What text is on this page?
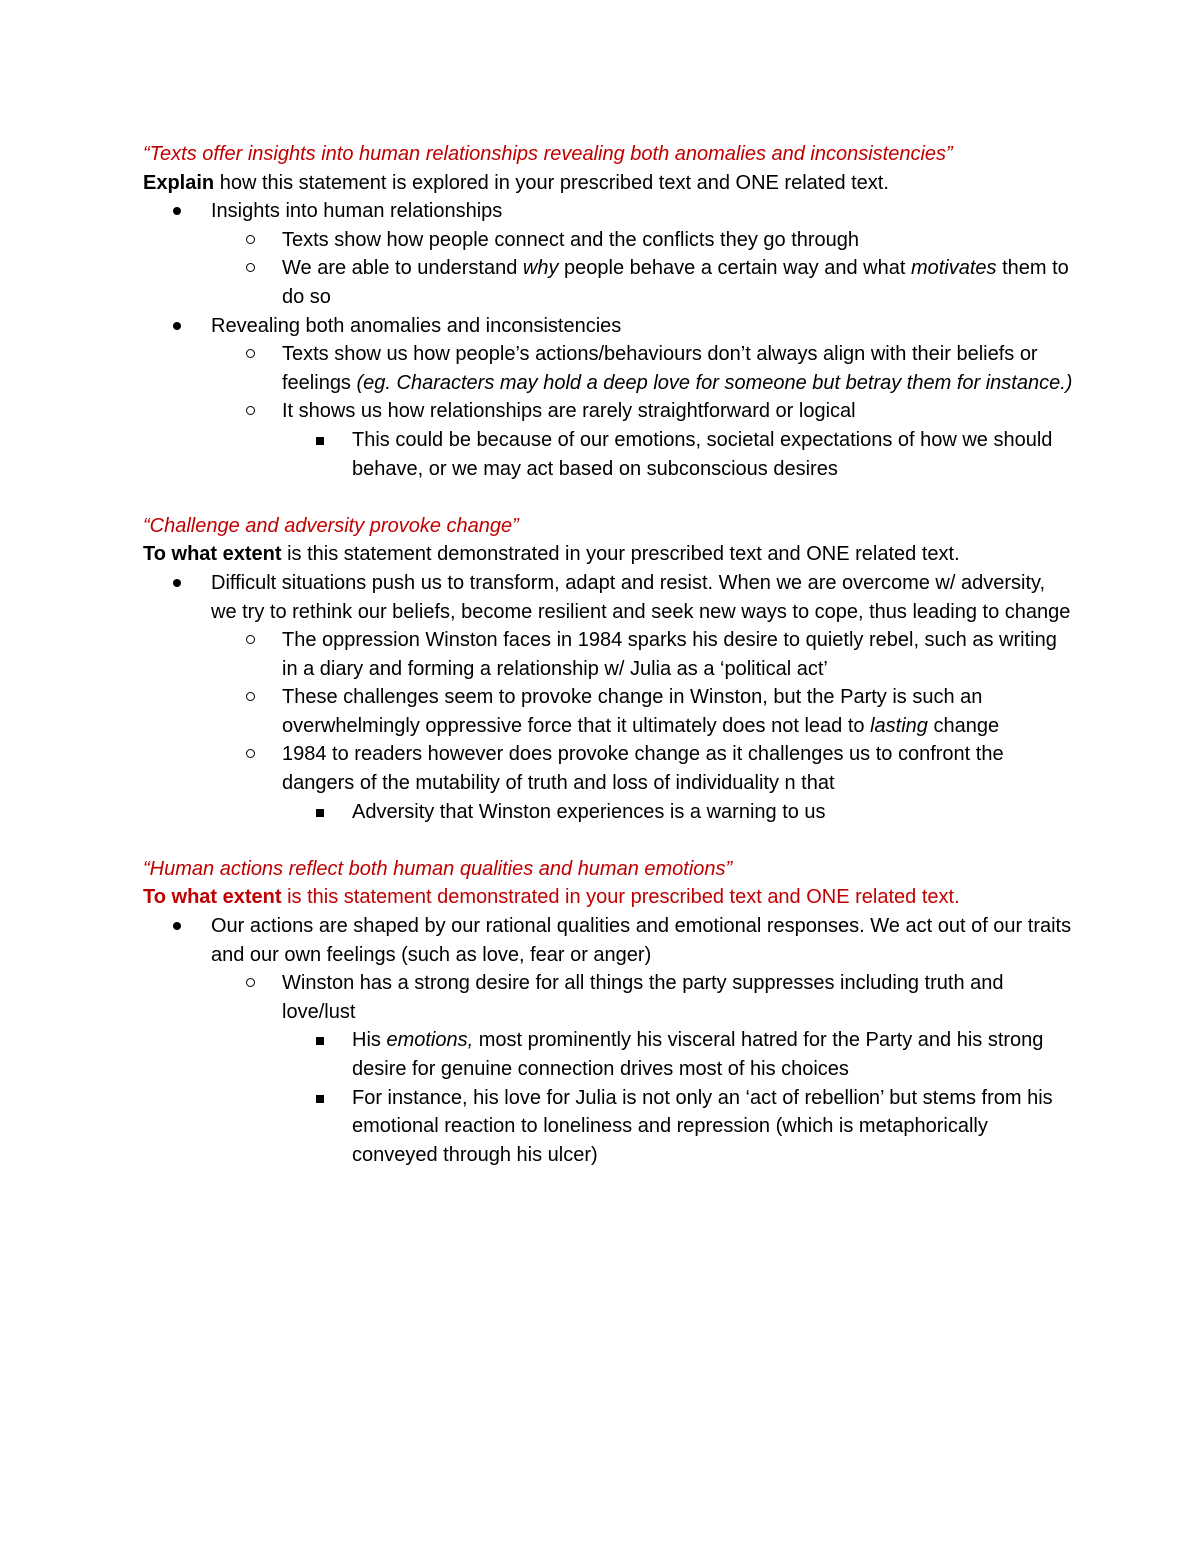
“Texts offer insights into human relationships revealing both anomalies and inconsistencies”
Explain how this statement is explored in your prescribed text and ONE related text.
Insights into human relationships
Texts show how people connect and the conflicts they go through
We are able to understand why people behave a certain way and what motivates them to do so
Revealing both anomalies and inconsistencies
Texts show us how people’s actions/behaviours don’t always align with their beliefs or feelings (eg. Characters may hold a deep love for someone but betray them for instance.)
It shows us how relationships are rarely straightforward or logical
This could be because of our emotions, societal expectations of how we should behave, or we may act based on subconscious desires
“Challenge and adversity provoke change”
To what extent is this statement demonstrated in your prescribed text and ONE related text.
Difficult situations push us to transform, adapt and resist. When we are overcome w/ adversity, we try to rethink our beliefs, become resilient and seek new ways to cope, thus leading to change
The oppression Winston faces in 1984 sparks his desire to quietly rebel, such as writing in a diary and forming a relationship w/ Julia as a ‘political act’
These challenges seem to provoke change in Winston, but the Party is such an overwhelmingly oppressive force that it ultimately does not lead to lasting change
1984 to readers however does provoke change as it challenges us to confront the dangers of the mutability of truth and loss of individuality n that
Adversity that Winston experiences is a warning to us
“Human actions reflect both human qualities and human emotions”
To what extent is this statement demonstrated in your prescribed text and ONE related text.
Our actions are shaped by our rational qualities and emotional responses. We act out of our traits and our own feelings (such as love, fear or anger)
Winston has a strong desire for all things the party suppresses including truth and love/lust
His emotions, most prominently his visceral hatred for the Party and his strong desire for genuine connection drives most of his choices
For instance, his love for Julia is not only an ‘act of rebellion’ but stems from his emotional reaction to loneliness and repression (which is metaphorically conveyed through his ulcer)
